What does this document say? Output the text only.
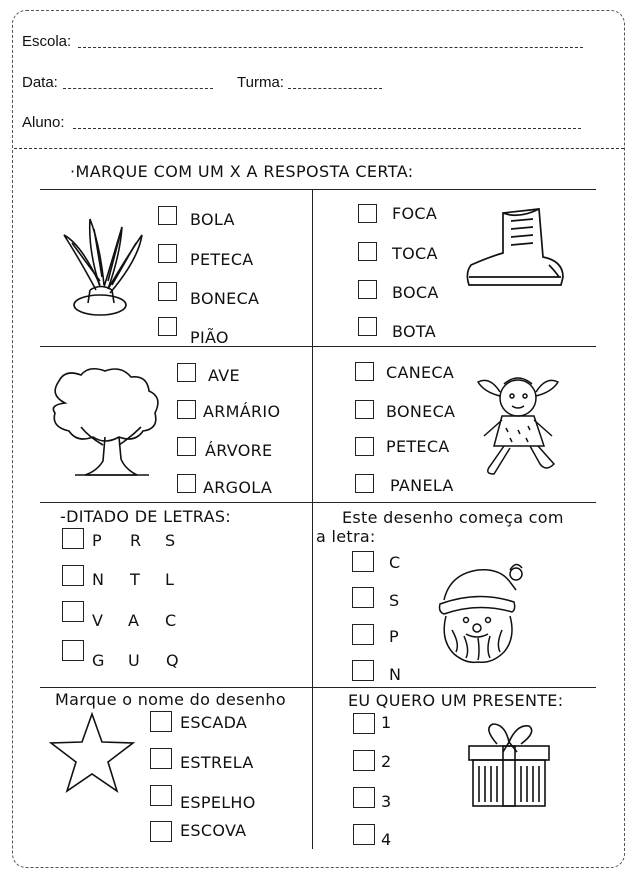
Escola:
Data:	Turma:
Aluno:
·MARQUE COM UM X A RESPOSTA CERTA:
BOLA
PETECA
BONECA
PIÃO
FOCA
TOCA
BOCA
BOTA
AVE
ARMÁRIO
ÁRVORE
ARGOLA
CANECA
BONECA
PETECA
PANELA
-DITADO DE LETRAS:
P R S
N T L
V A C
G U Q
Este desenho começa com
a letra:
C
S
P
N
Marque o nome do desenho
ESCADA
ESTRELA
ESPELHO
ESCOVA
EU QUERO UM PRESENTE:
1
2
3
4
